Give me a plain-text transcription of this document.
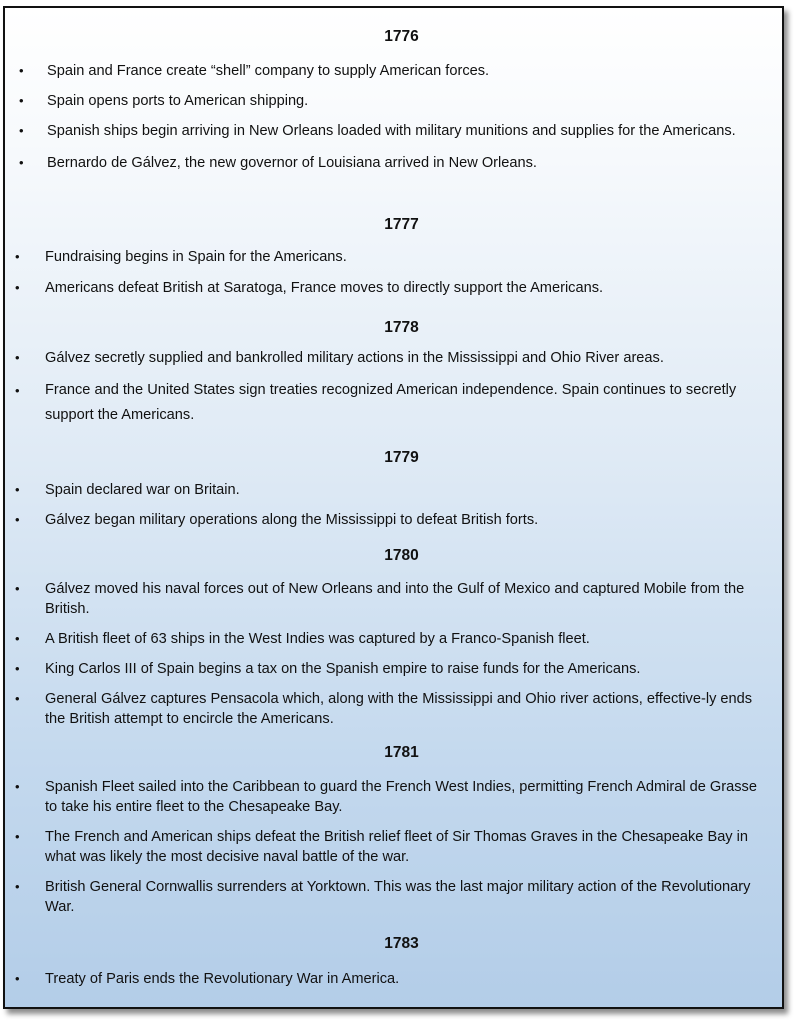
1776
• Spain and France create “shell” company to supply American forces.
• Spain opens ports to American shipping.
• Spanish ships begin arriving in New Orleans loaded with military munitions and supplies for the Americans.
• Bernardo de Gálvez, the new governor of Louisiana arrived in New Orleans.
1777
• Fundraising begins in Spain for the Americans.
• Americans defeat British at Saratoga, France moves to directly support the Americans.
1778
• Gálvez secretly supplied and bankrolled military actions in the Mississippi and Ohio River areas.
• France and the United States sign treaties recognized American independence. Spain continues to secretly support the Americans.
1779
• Spain declared war on Britain.
• Gálvez began military operations along the Mississippi to defeat British forts.
1780
• Gálvez moved his naval forces out of New Orleans and into the Gulf of Mexico and captured Mobile from the British.
• A British fleet of 63 ships in the West Indies was captured by a Franco-Spanish fleet.
• King Carlos III of Spain begins a tax on the Spanish empire to raise funds for the Americans.
• General Gálvez captures Pensacola which, along with the Mississippi and Ohio river actions, effective-ly ends the British attempt to encircle the Americans.
1781
• Spanish Fleet sailed into the Caribbean to guard the French West Indies, permitting French Admiral de Grasse to take his entire fleet to the Chesapeake Bay.
• The French and American ships defeat the British relief fleet of Sir Thomas Graves in the Chesapeake Bay in what was likely the most decisive naval battle of the war.
• British General Cornwallis surrenders at Yorktown. This was the last major military action of the Revolutionary War.
1783
• Treaty of Paris ends the Revolutionary War in America.
